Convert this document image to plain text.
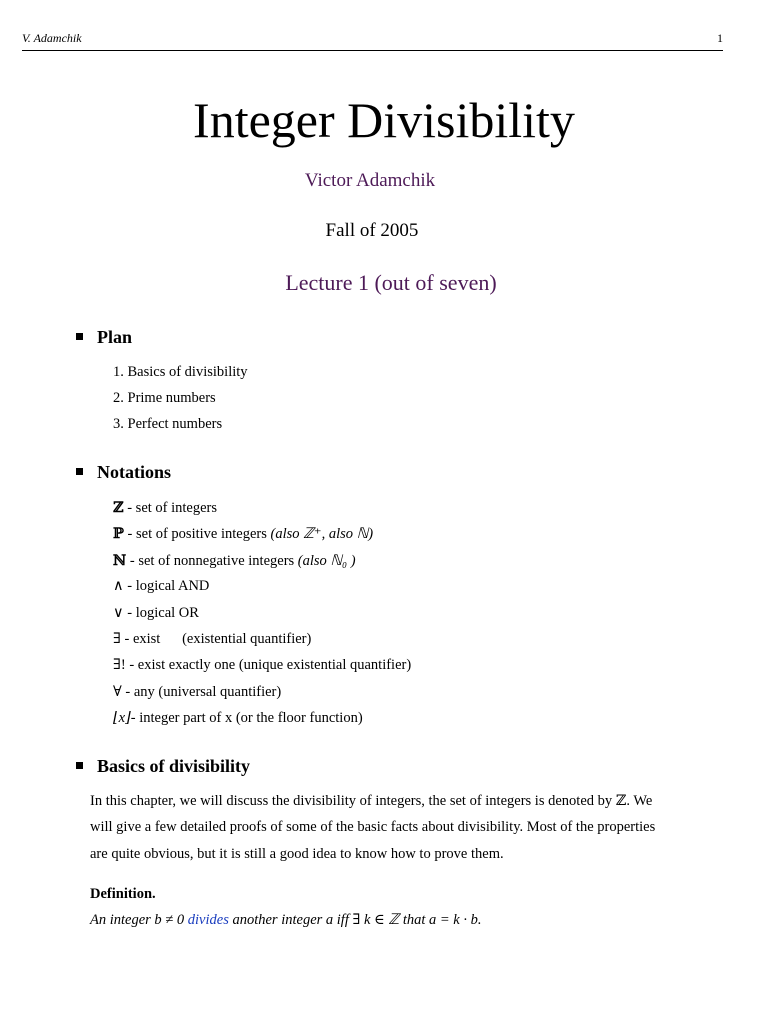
V. Adamchik	1
Integer Divisibility
Victor Adamchik
Fall of 2005
Lecture 1 (out of seven)
Plan
1. Basics of divisibility
2. Prime numbers
3. Perfect numbers
Notations
ℤ - set of integers
ℙ - set of positive integers (also ℤ⁺, also ℕ)
ℕ - set of nonnegative integers (also ℕ₀ )
∧ - logical AND
∨ - logical OR
∃ - exist      (existential quantifier)
∃! - exist exactly one (unique existential quantifier)
∀ - any (universal quantifier)
⌊x⌋- integer part of x (or the floor function)
Basics of divisibility
In this chapter, we will discuss the divisibility of integers, the set of integers is denoted by ℤ. We
will give a few detailed proofs of some of the basic facts about divisibility. Most of the properties
are quite obvious, but it is still a good idea to know how to prove them.
Definition.
An integer b ≠ 0 divides another integer a iff ∃ k ∈ ℤ that a = k · b.
